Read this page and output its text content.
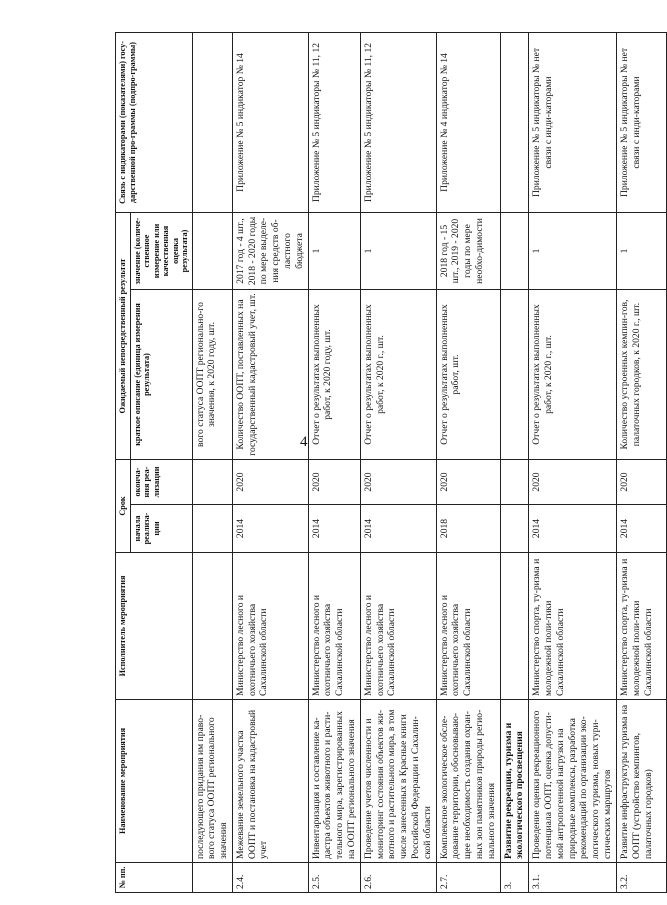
4
№ пп.	Наименование мероприятия	Исполнитель мероприятия	Срок		Ожидаемый непосредственный результат		Связь с индикаторами (показателями) госу-дарственной про-граммы (подпро-граммы)
			начала реализа-ции	оконча-ния реа-лизации	краткое описание (единица измерения результата)	значение (количе-ственное измерение или качественная оценка результата)	
	последующего придания им право-вого статуса ООПТ регионального значения				вого статуса ООПТ регионально-го значения, к 2020 году, шт.		
2.4.	Межевание земельного участка ООПТ и постановка на кадастровый учет	Министерство лесного и охотничьего хозяйства Сахалинской области	2014	2020	Количество ООПТ, поставленных на государственный кадастровый учет, шт.	2017 год - 4 шт., 2018 - 2020 годы по мере выделе-ния средств об-ластного бюджета	Приложение № 5 индикатор № 14
2.5.	Инвентаризация и составление ка-дастра объектов животного и расти-тельного мира, зарегистрированных на ООПТ регионального значения	Министерство лесного и охотничьего хозяйства Сахалинской области	2014	2020	Отчет о результатах выполненных работ, к 2020 году, шт.	1	Приложение № 5 индикаторы № 11, 12
2.6.	Проведение учетов численности и мониторинг состояния объектов жи-вотного и растительного мира, в том числе занесенных в Красные книги Российской Федерации и Сахалин-ской области	Министерство лесного и охотничьего хозяйства Сахалинской области	2014	2020	Отчет о результатах выполненных работ, к 2020 г., шт.	1	Приложение № 5 индикаторы № 11, 12
2.7.	Комплексное экологическое обсле-дование территории, обосновываю-щее необходимость создания охран-ных зон памятников природы регио-нального значения	Министерство лесного и охотничьего хозяйства Сахалинской области	2018	2020	Отчет о результатах выполненных работ, шт.	2018 год - 15 шт., 2019 - 2020 годы по мере необхо-димости	Приложение № 4 индикатор № 14
3.	Развитие рекреации, туризма и экологического просвещения						
3.1.	Проведение оценки рекреационного потенциала ООПТ, оценка допусти-мой антропогенной нагрузки на природные комплексы, разработка рекомендаций по организации эко-логического туризма, новых тури-стических маршрутов	Министерство спорта, ту-ризма и молодежной поли-тики Сахалинской области	2014	2020	Отчет о результатах выполненных работ, к 2020 г., шт.	1	Приложение № 5 индикаторы № нет связи с инди-каторами
3.2.	Развитие инфраструктуры туризма на ООПТ (устройство кемпингов, палаточных городков)	Министерство спорта, ту-ризма и молодежной поли-тики Сахалинской области	2014	2020	Количество устроенных кемпин-гов, палаточных городков, к 2020 г., шт.	1	Приложение № 5 индикаторы № нет связи с инди-каторами
